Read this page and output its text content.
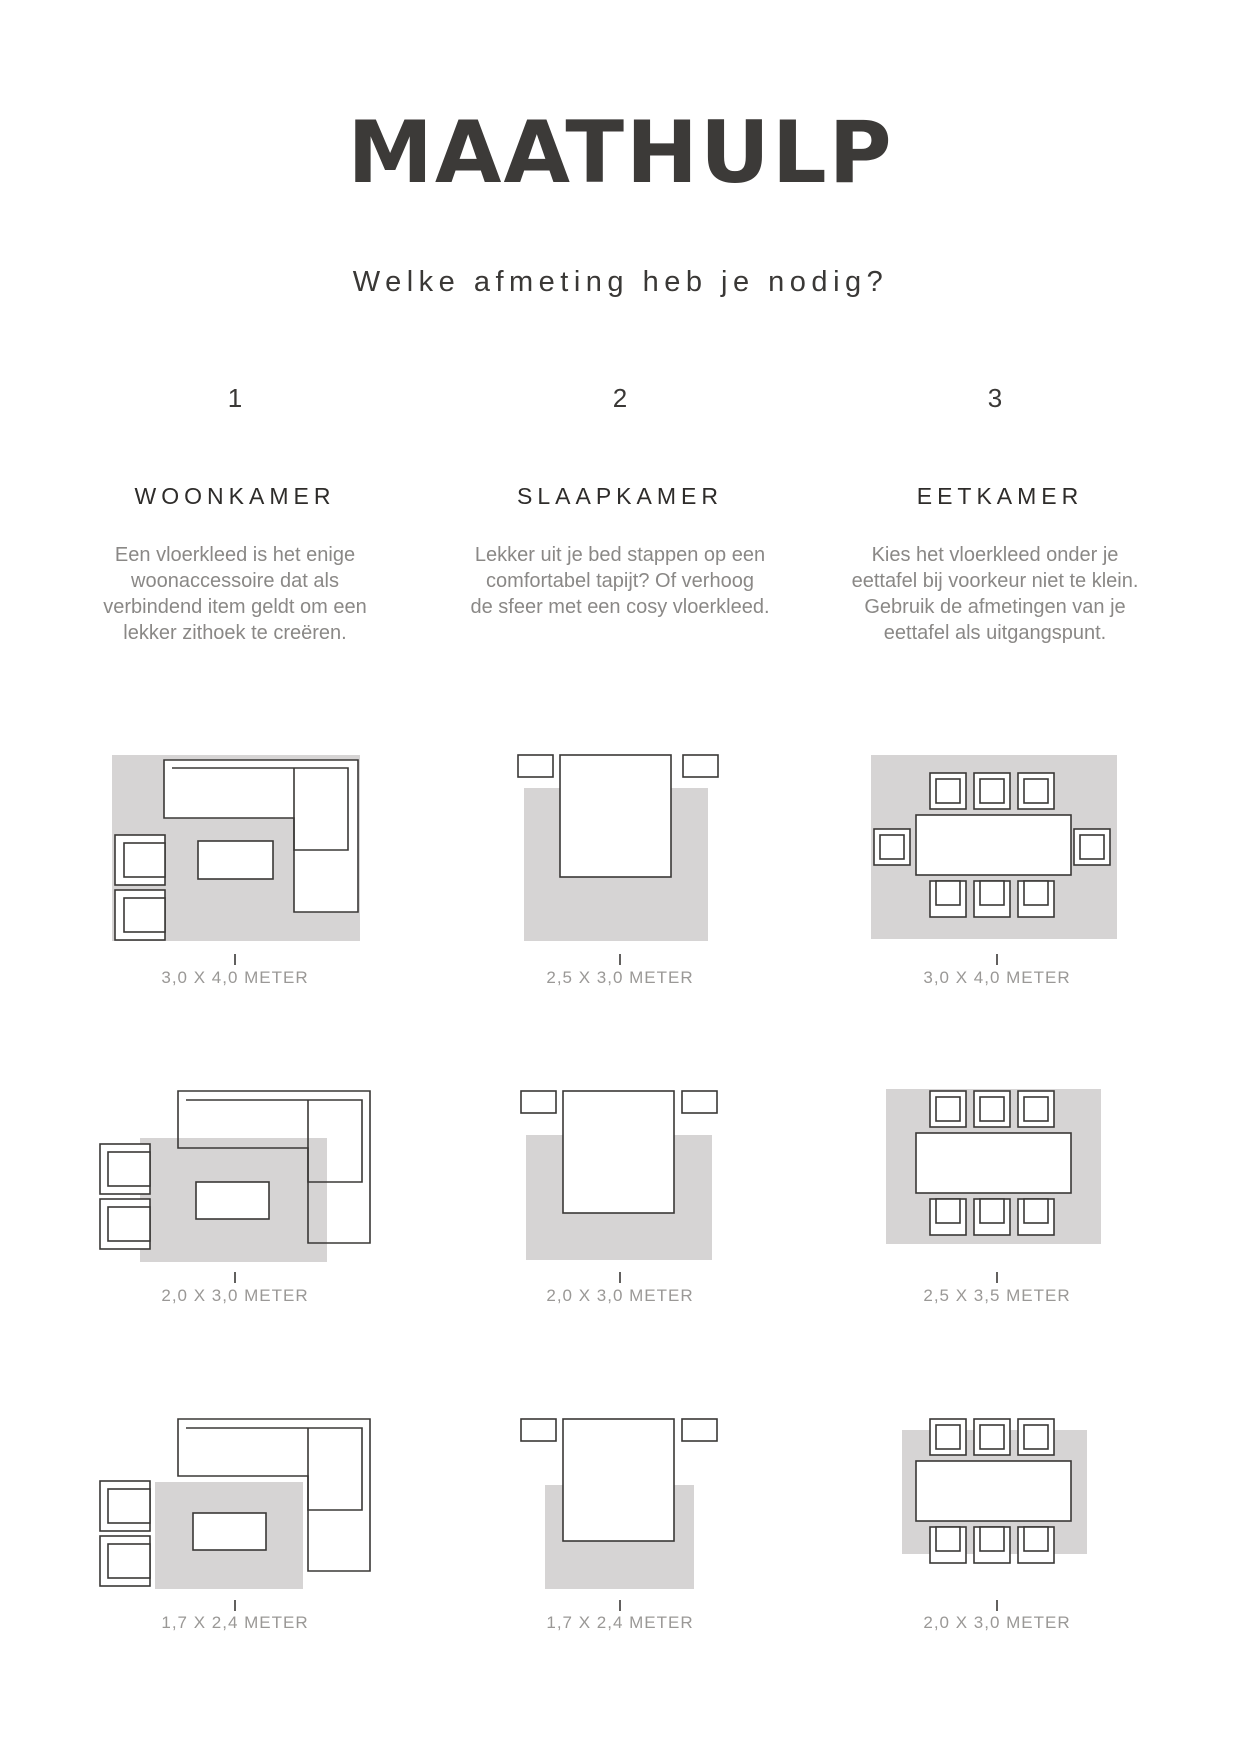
MAATHULP
Welke afmeting heb je nodig?
1
WOONKAMER
Een vloerkleed is het enige
woonaccessoire dat als
verbindend item geldt om een
lekker zithoek te creëren.
2
SLAAPKAMER
Lekker uit je bed stappen op een
comfortabel tapijt? Of verhoog
de sfeer met een cosy vloerkleed.
3
EETKAMER
Kies het vloerkleed onder je
eettafel bij voorkeur niet te klein.
Gebruik de afmetingen van je
eettafel als uitgangspunt.
3,0 X 4,0 METER
2,0 X 3,0 METER
1,7 X 2,4 METER
2,5 X 3,0 METER
2,0 X 3,0 METER
1,7 X 2,4 METER
3,0 X 4,0 METER
2,5 X 3,5 METER
2,0 X 3,0 METER
